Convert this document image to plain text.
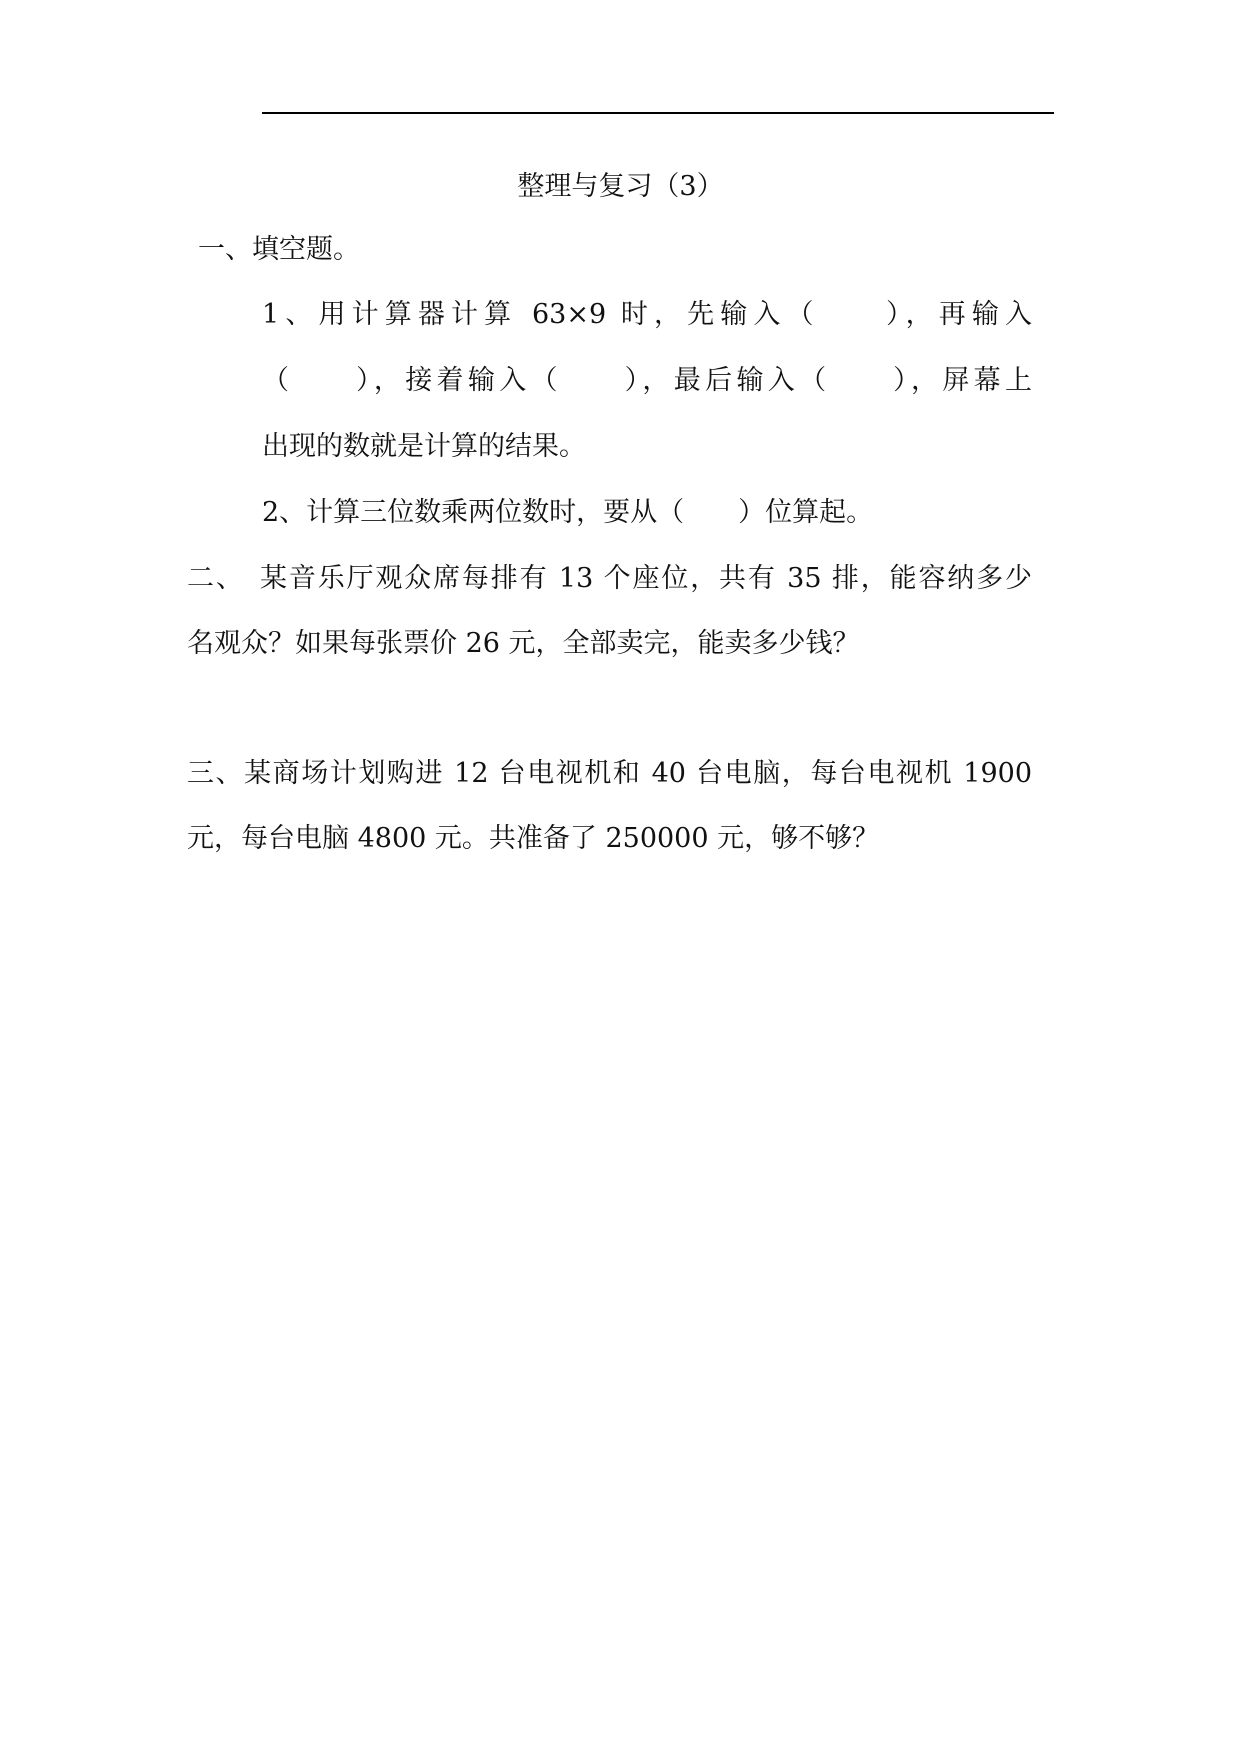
整理与复习（3）
一、填空题。
1、用计算器计算 63×9 时，先输入（　　），再输入
（　　），接着输入（　　），最后输入（　　），屏幕上
出现的数就是计算的结果。
2、计算三位数乘两位数时，要从（　　）位算起。
二、　某音乐厅观众席每排有 13 个座位，共有 35 排，能容纳多少
名观众？如果每张票价 26 元，全部卖完，能卖多少钱？
三、某商场计划购进 12 台电视机和 40 台电脑，每台电视机 1900
元，每台电脑 4800 元。共准备了 250000 元，够不够？
